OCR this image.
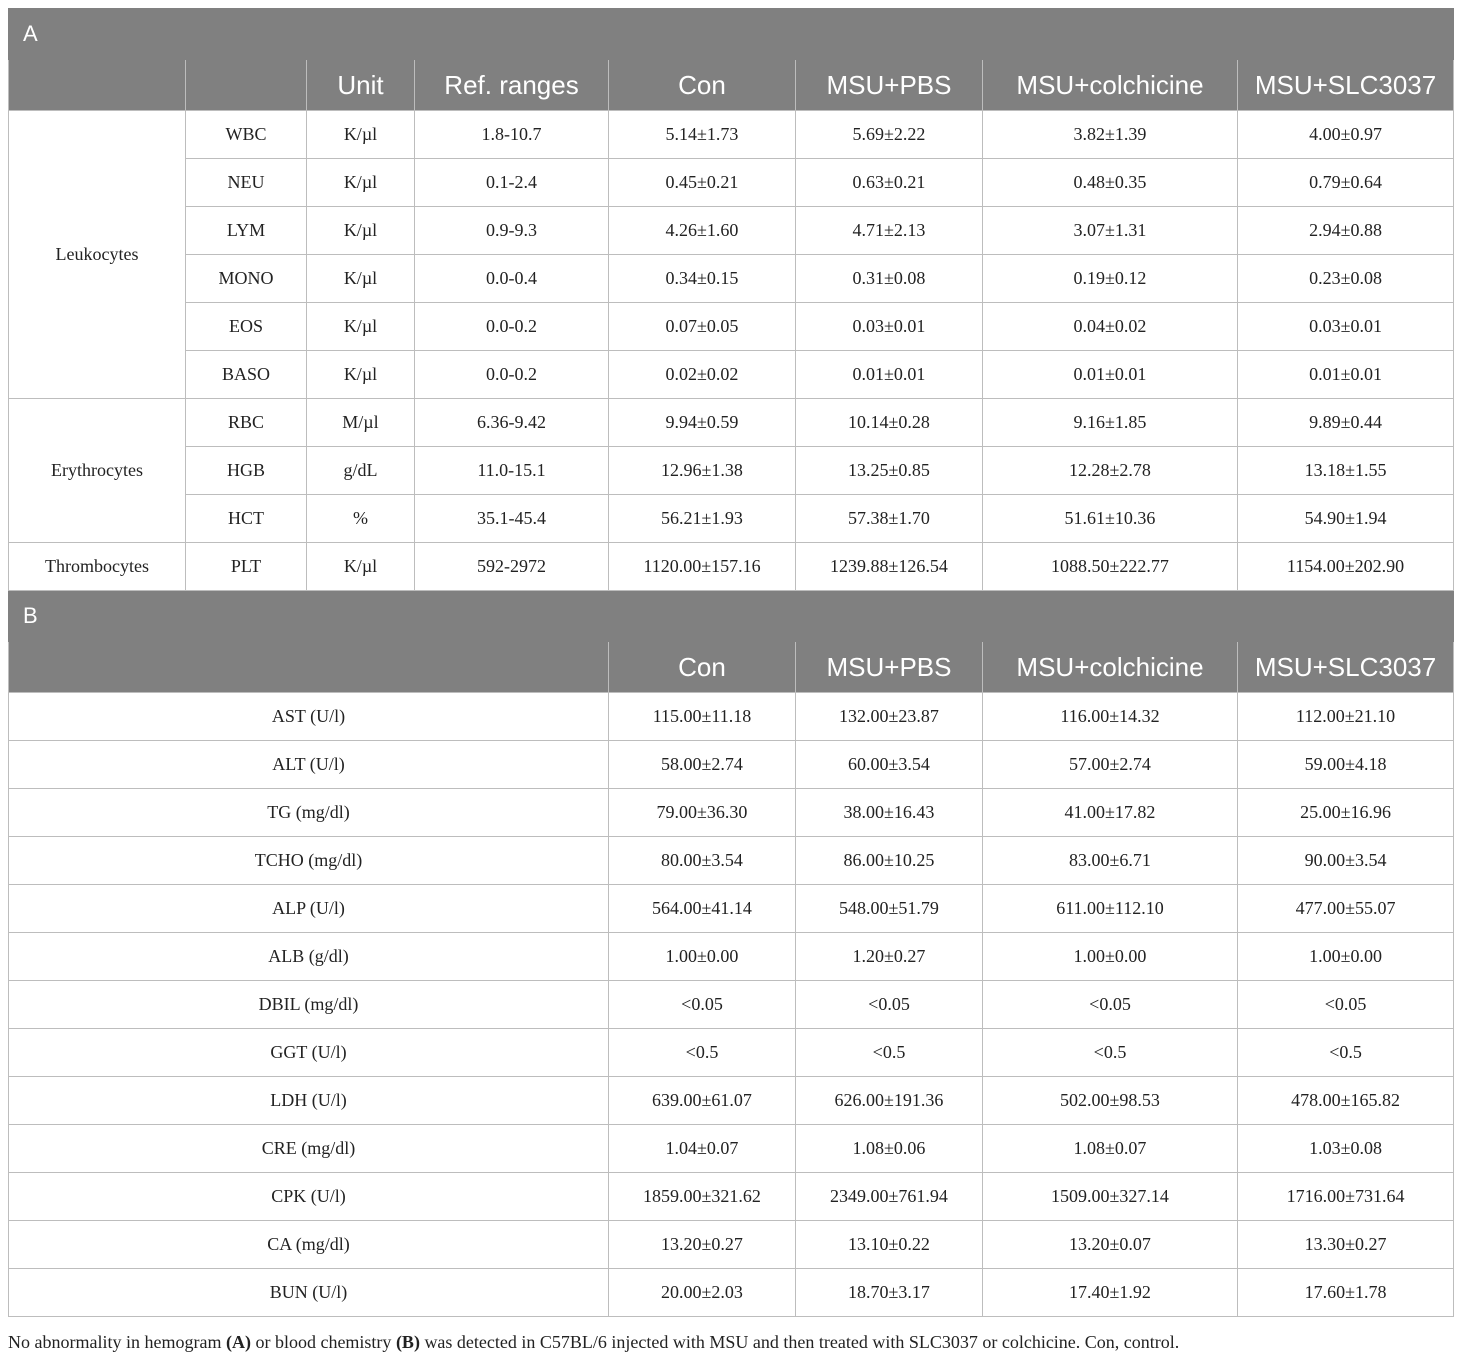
A							
		Unit	Ref. ranges	Con	MSU+PBS	MSU+colchicine	MSU+SLC3037
Leukocytes	WBC	K/µl	1.8-10.7	5.14±1.73	5.69±2.22	3.82±1.39	4.00±0.97
	NEU	K/µl	0.1-2.4	0.45±0.21	0.63±0.21	0.48±0.35	0.79±0.64
	LYM	K/µl	0.9-9.3	4.26±1.60	4.71±2.13	3.07±1.31	2.94±0.88
	MONO	K/µl	0.0-0.4	0.34±0.15	0.31±0.08	0.19±0.12	0.23±0.08
	EOS	K/µl	0.0-0.2	0.07±0.05	0.03±0.01	0.04±0.02	0.03±0.01
	BASO	K/µl	0.0-0.2	0.02±0.02	0.01±0.01	0.01±0.01	0.01±0.01
Erythrocytes	RBC	M/µl	6.36-9.42	9.94±0.59	10.14±0.28	9.16±1.85	9.89±0.44
	HGB	g/dL	11.0-15.1	12.96±1.38	13.25±0.85	12.28±2.78	13.18±1.55
	HCT	%	35.1-45.4	56.21±1.93	57.38±1.70	51.61±10.36	54.90±1.94
Thrombocytes	PLT	K/µl	592-2972	1120.00±157.16	1239.88±126.54	1088.50±222.77	1154.00±202.90
B							
				Con	MSU+PBS	MSU+colchicine	MSU+SLC3037
AST (U/l)				115.00±11.18	132.00±23.87	116.00±14.32	112.00±21.10
ALT (U/l)				58.00±2.74	60.00±3.54	57.00±2.74	59.00±4.18
TG (mg/dl)				79.00±36.30	38.00±16.43	41.00±17.82	25.00±16.96
TCHO (mg/dl)				80.00±3.54	86.00±10.25	83.00±6.71	90.00±3.54
ALP (U/l)				564.00±41.14	548.00±51.79	611.00±112.10	477.00±55.07
ALB (g/dl)				1.00±0.00	1.20±0.27	1.00±0.00	1.00±0.00
DBIL (mg/dl)				<0.05	<0.05	<0.05	<0.05
GGT (U/l)				<0.5	<0.5	<0.5	<0.5
LDH (U/l)				639.00±61.07	626.00±191.36	502.00±98.53	478.00±165.82
CRE (mg/dl)				1.04±0.07	1.08±0.06	1.08±0.07	1.03±0.08
CPK (U/l)				1859.00±321.62	2349.00±761.94	1509.00±327.14	1716.00±731.64
CA (mg/dl)				13.20±0.27	13.10±0.22	13.20±0.07	13.30±0.27
BUN (U/l)				20.00±2.03	18.70±3.17	17.40±1.92	17.60±1.78
No abnormality in hemogram (A) or blood chemistry (B) was detected in C57BL/6 injected with MSU and then treated with SLC3037 or colchicine. Con, control.
